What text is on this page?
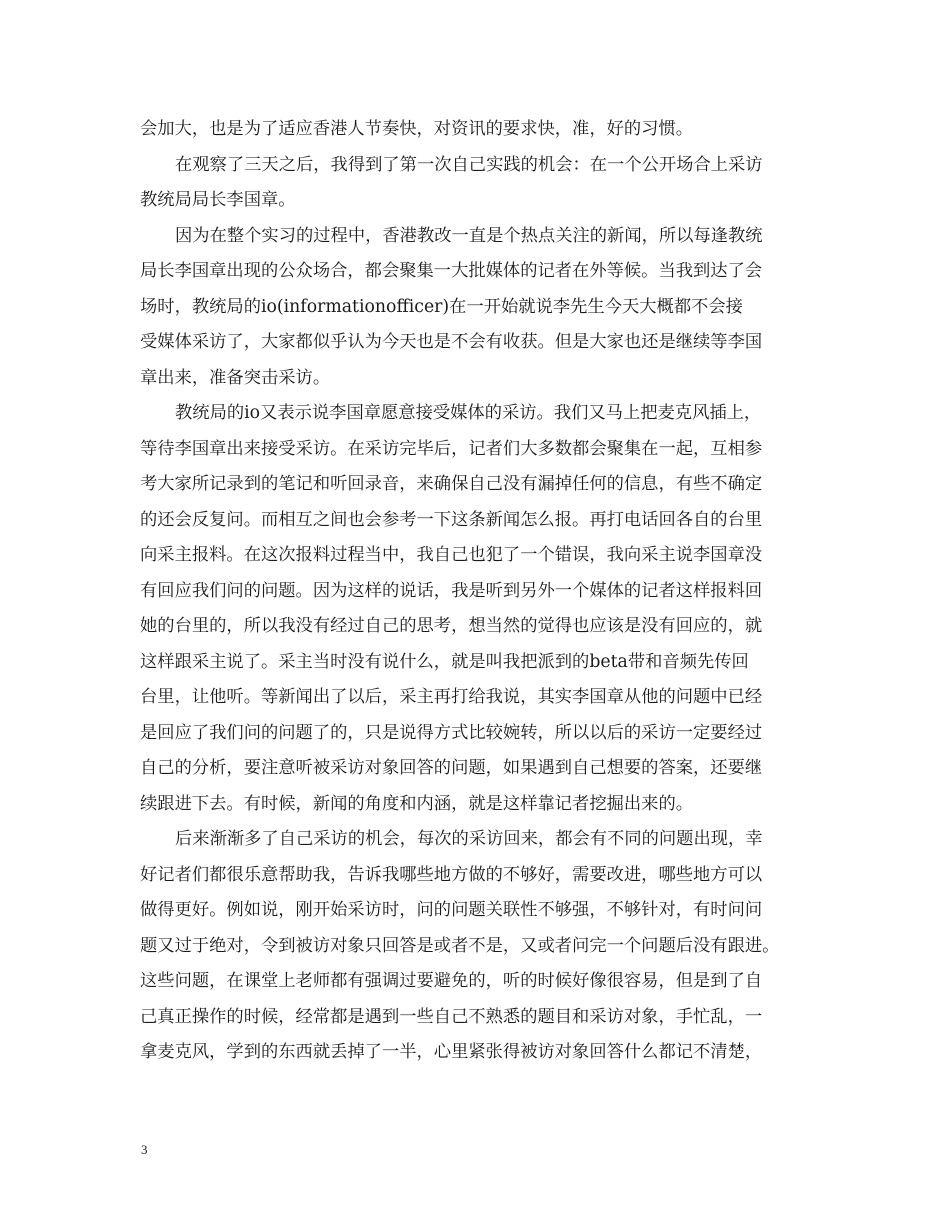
会加大，也是为了适应香港人节奏快，对资讯的要求快，准，好的习惯。
在观察了三天之后，我得到了第一次自己实践的机会：在一个公开场合上采访
教统局局长李国章。
因为在整个实习的过程中，香港教改一直是个热点关注的新闻，所以每逢教统
局长李国章出现的公众场合，都会聚集一大批媒体的记者在外等候。当我到达了会
场时，教统局的io(informationofficer)在一开始就说李先生今天大概都不会接
受媒体采访了，大家都似乎认为今天也是不会有收获。但是大家也还是继续等李国
章出来，准备突击采访。
教统局的io又表示说李国章愿意接受媒体的采访。我们又马上把麦克风插上，
等待李国章出来接受采访。在采访完毕后，记者们大多数都会聚集在一起，互相参
考大家所记录到的笔记和听回录音，来确保自己没有漏掉任何的信息，有些不确定
的还会反复问。而相互之间也会参考一下这条新闻怎么报。再打电话回各自的台里
向采主报料。在这次报料过程当中，我自己也犯了一个错误，我向采主说李国章没
有回应我们问的问题。因为这样的说话，我是听到另外一个媒体的记者这样报料回
她的台里的，所以我没有经过自己的思考，想当然的觉得也应该是没有回应的，就
这样跟采主说了。采主当时没有说什么，就是叫我把派到的beta带和音频先传回
台里，让他听。等新闻出了以后，采主再打给我说，其实李国章从他的问题中已经
是回应了我们问的问题了的，只是说得方式比较婉转，所以以后的采访一定要经过
自己的分析，要注意听被采访对象回答的问题，如果遇到自己想要的答案，还要继
续跟进下去。有时候，新闻的角度和内涵，就是这样靠记者挖掘出来的。
后来渐渐多了自己采访的机会，每次的采访回来，都会有不同的问题出现，幸
好记者们都很乐意帮助我，告诉我哪些地方做的不够好，需要改进，哪些地方可以
做得更好。例如说，刚开始采访时，问的问题关联性不够强，不够针对，有时问问
题又过于绝对，令到被访对象只回答是或者不是，又或者问完一个问题后没有跟进。
这些问题，在课堂上老师都有强调过要避免的，听的时候好像很容易，但是到了自
己真正操作的时候，经常都是遇到一些自己不熟悉的题目和采访对象，手忙乱，一
拿麦克风，学到的东西就丢掉了一半，心里紧张得被访对象回答什么都记不清楚，
3
